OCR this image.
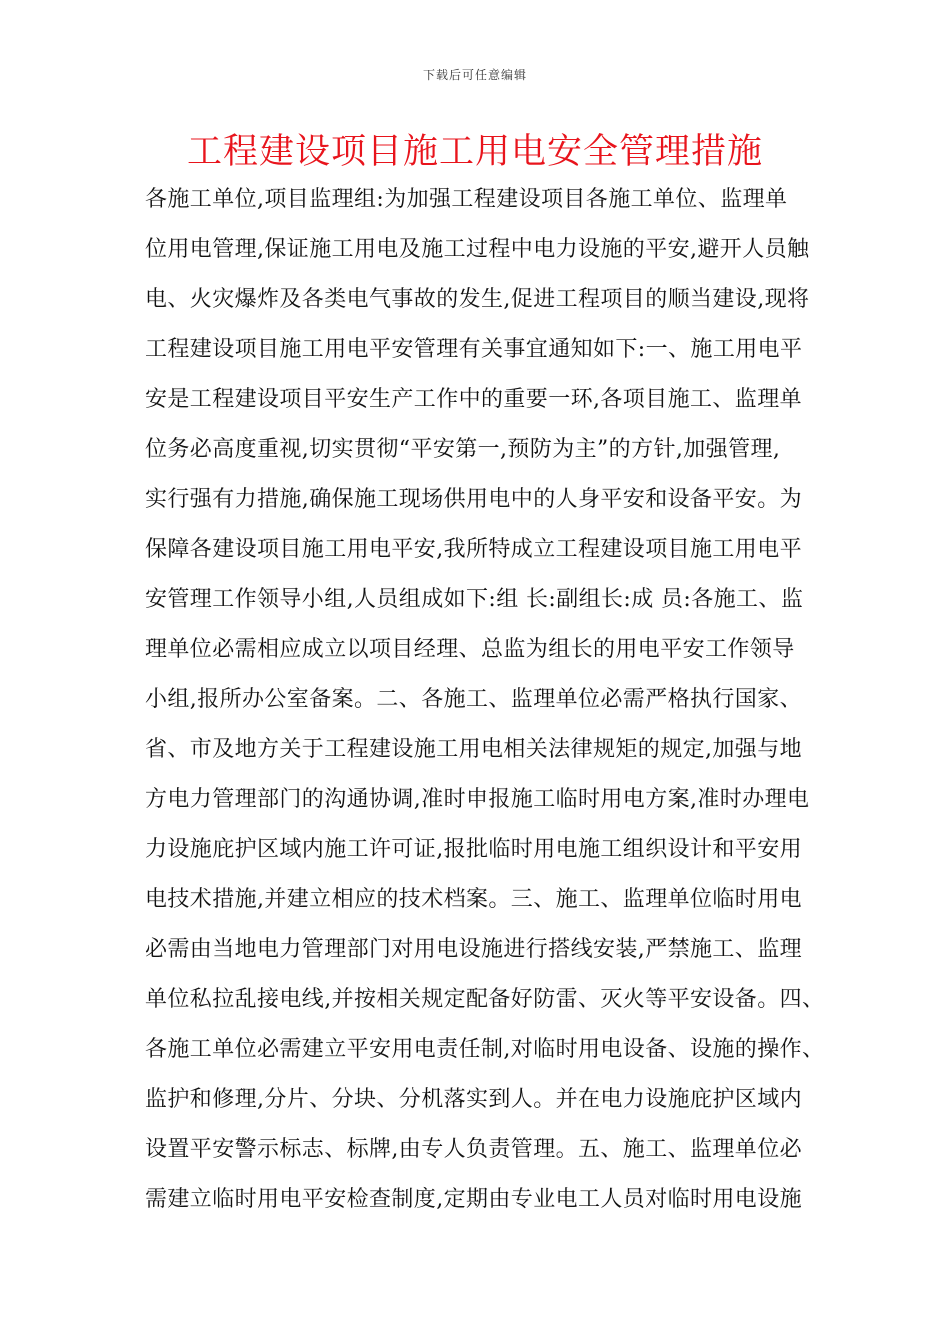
下载后可任意编辑
工程建设项目施工用电安全管理措施
各施工单位,项目监理组:为加强工程建设项目各施工单位、监理单
位用电管理,保证施工用电及施工过程中电力设施的平安,避开人员触
电、火灾爆炸及各类电气事故的发生,促进工程项目的顺当建设,现将
工程建设项目施工用电平安管理有关事宜通知如下:一、施工用电平
安是工程建设项目平安生产工作中的重要一环,各项目施工、监理单
位务必高度重视,切实贯彻“平安第一,预防为主”的方针,加强管理,
实行强有力措施,确保施工现场供用电中的人身平安和设备平安。为
保障各建设项目施工用电平安,我所特成立工程建设项目施工用电平
安管理工作领导小组,人员组成如下:组 长:副组长:成 员:各施工、监
理单位必需相应成立以项目经理、总监为组长的用电平安工作领导
小组,报所办公室备案。二、各施工、监理单位必需严格执行国家、
省、市及地方关于工程建设施工用电相关法律规矩的规定,加强与地
方电力管理部门的沟通协调,准时申报施工临时用电方案,准时办理电
力设施庇护区域内施工许可证,报批临时用电施工组织设计和平安用
电技术措施,并建立相应的技术档案。三、施工、监理单位临时用电
必需由当地电力管理部门对用电设施进行搭线安装,严禁施工、监理
单位私拉乱接电线,并按相关规定配备好防雷、灭火等平安设备。四、
各施工单位必需建立平安用电责任制,对临时用电设备、设施的操作、
监护和修理,分片、分块、分机落实到人。并在电力设施庇护区域内
设置平安警示标志、标牌,由专人负责管理。五、施工、监理单位必
需建立临时用电平安检查制度,定期由专业电工人员对临时用电设施
